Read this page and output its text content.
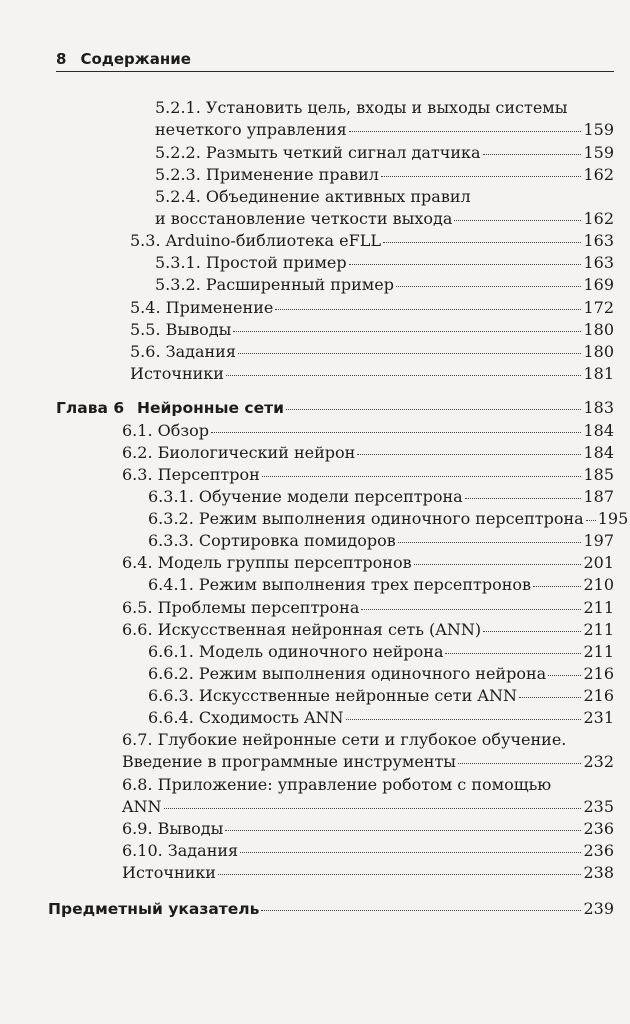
8 Содержание
5.2.1. Установить цель, входы и выходы системы
нечеткого управления	159
5.2.2. Размыть четкий сигнал датчика	159
5.2.3. Применение правил	162
5.2.4. Объединение активных правил
и восстановление четкости выхода	162
5.3. Arduino-библиотека eFLL	163
5.3.1. Простой пример	163
5.3.2. Расширенный пример	169
5.4. Применение	172
5.5. Выводы	180
5.6. Задания	180
Источники	181
Глава 6 Нейронные сети	183
6.1. Обзор	184
6.2. Биологический нейрон	184
6.3. Персептрон	185
6.3.1. Обучение модели персептрона	187
6.3.2. Режим выполнения одиночного персептрона 195
6.3.3. Сортировка помидоров	197
6.4. Модель группы персептронов	201
6.4.1. Режим выполнения трех персептронов	210
6.5. Проблемы персептрона	211
6.6. Искусственная нейронная сеть (ANN)	211
6.6.1. Модель одиночного нейрона	211
6.6.2. Режим выполнения одиночного нейрона 216
6.6.3. Искусственные нейронные сети ANN	216
6.6.4. Сходимость ANN	231
6.7. Глубокие нейронные сети и глубокое обучение.
Введение в программные инструменты	232
6.8. Приложение: управление роботом с помощью
ANN	235
6.9. Выводы	236
6.10. Задания	236
Источники	238
Предметный указатель	239
